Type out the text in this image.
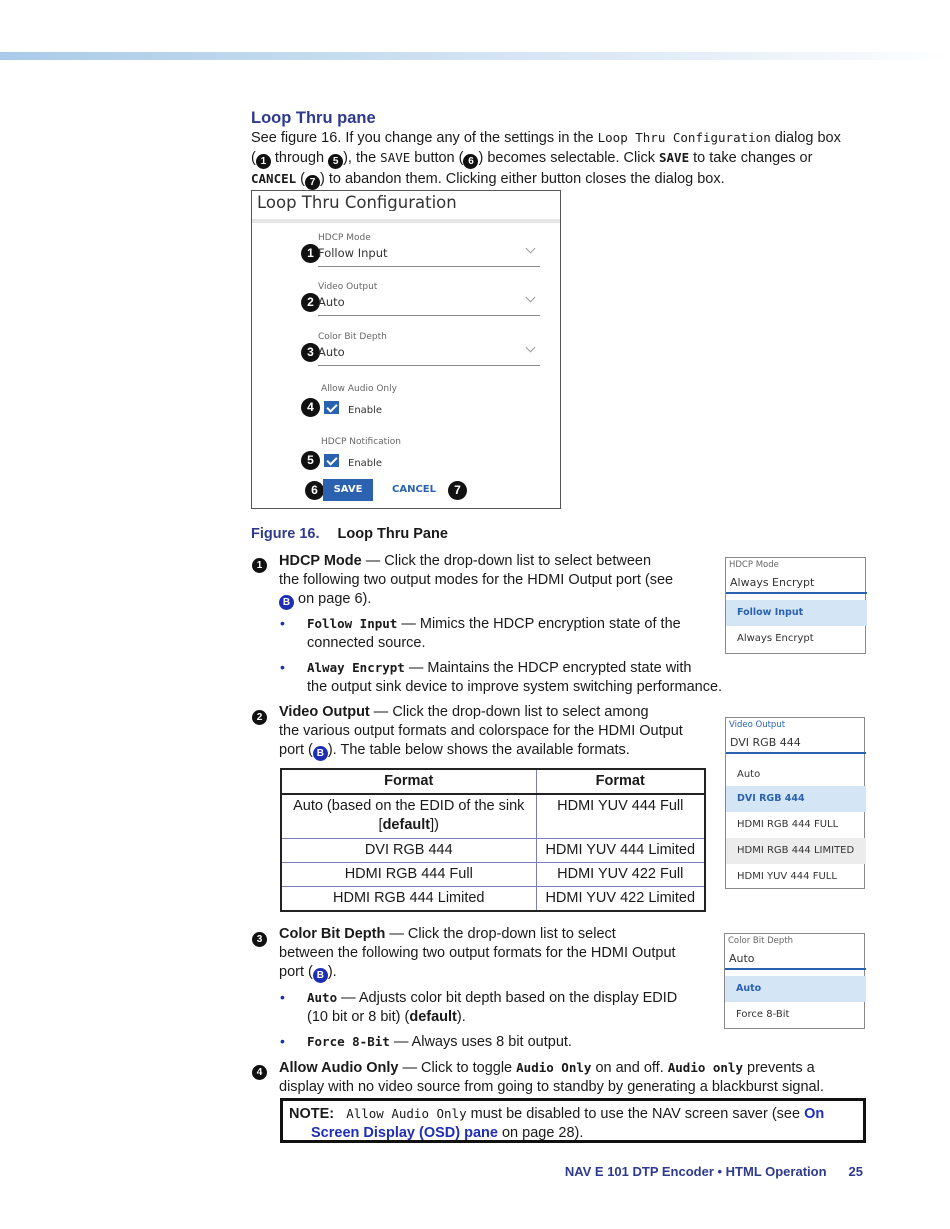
Loop Thru pane
See figure 16. If you change any of the settings in the Loop Thru Configuration dialog box
( 1 through 5 ), the SAVE button ( 6 ) becomes selectable. Click SAVE to take changes or
CANCEL ( 7 ) to abandon them. Clicking either button closes the dialog box.
Loop Thru Configuration
1
HDCP Mode
Follow Input
2
Video Output
Auto
3
Color Bit Depth
Auto
Allow Audio Only
4	Enable
HDCP Notification
5	Enable
6	SAVE	CANCEL	7
Figure 16. Loop Thru Pane
1	HDCP Mode — Click the drop-down list to select between
the following two output modes for the HDMI Output port (see
B on page 6).
• Follow Input — Mimics the HDCP encryption state of the
connected source.
• Alway Encrypt — Maintains the HDCP encrypted state with
the output sink device to improve system switching performance.
HDCP Mode
Always Encrypt
Follow Input
Always Encrypt
2	Video Output — Click the drop-down list to select among
the various output formats and colorspace for the HDMI Output
port ( B ). The table below shows the available formats.
Video Output
DVI RGB 444
Auto
DVI RGB 444
HDMI RGB 444 FULL
HDMI RGB 444 LIMITED
HDMI YUV 444 FULL
Format	Format

Auto (based on the EDID of the sink
[default])	HDMI YUV 444 Full
DVI RGB 444	HDMI YUV 444 Limited
HDMI RGB 444 Full	HDMI YUV 422 Full
HDMI RGB 444 Limited	HDMI YUV 422 Limited
3	Color Bit Depth — Click the drop-down list to select
between the following two output formats for the HDMI Output
port ( B ).
• Auto — Adjusts color bit depth based on the display EDID
(10 bit or 8 bit) (default).
• Force 8-Bit — Always uses 8 bit output.
Color Bit Depth
Auto
Auto
Force 8-Bit
4	Allow Audio Only — Click to toggle Audio Only on and off. Audio only prevents a
display with no video source from going to standby by generating a blackburst signal.
NOTE: Allow Audio Only must be disabled to use the NAV screen saver (see On
Screen Display (OSD) pane on page 28).
NAV E 101 DTP Encoder • HTML Operation 25
